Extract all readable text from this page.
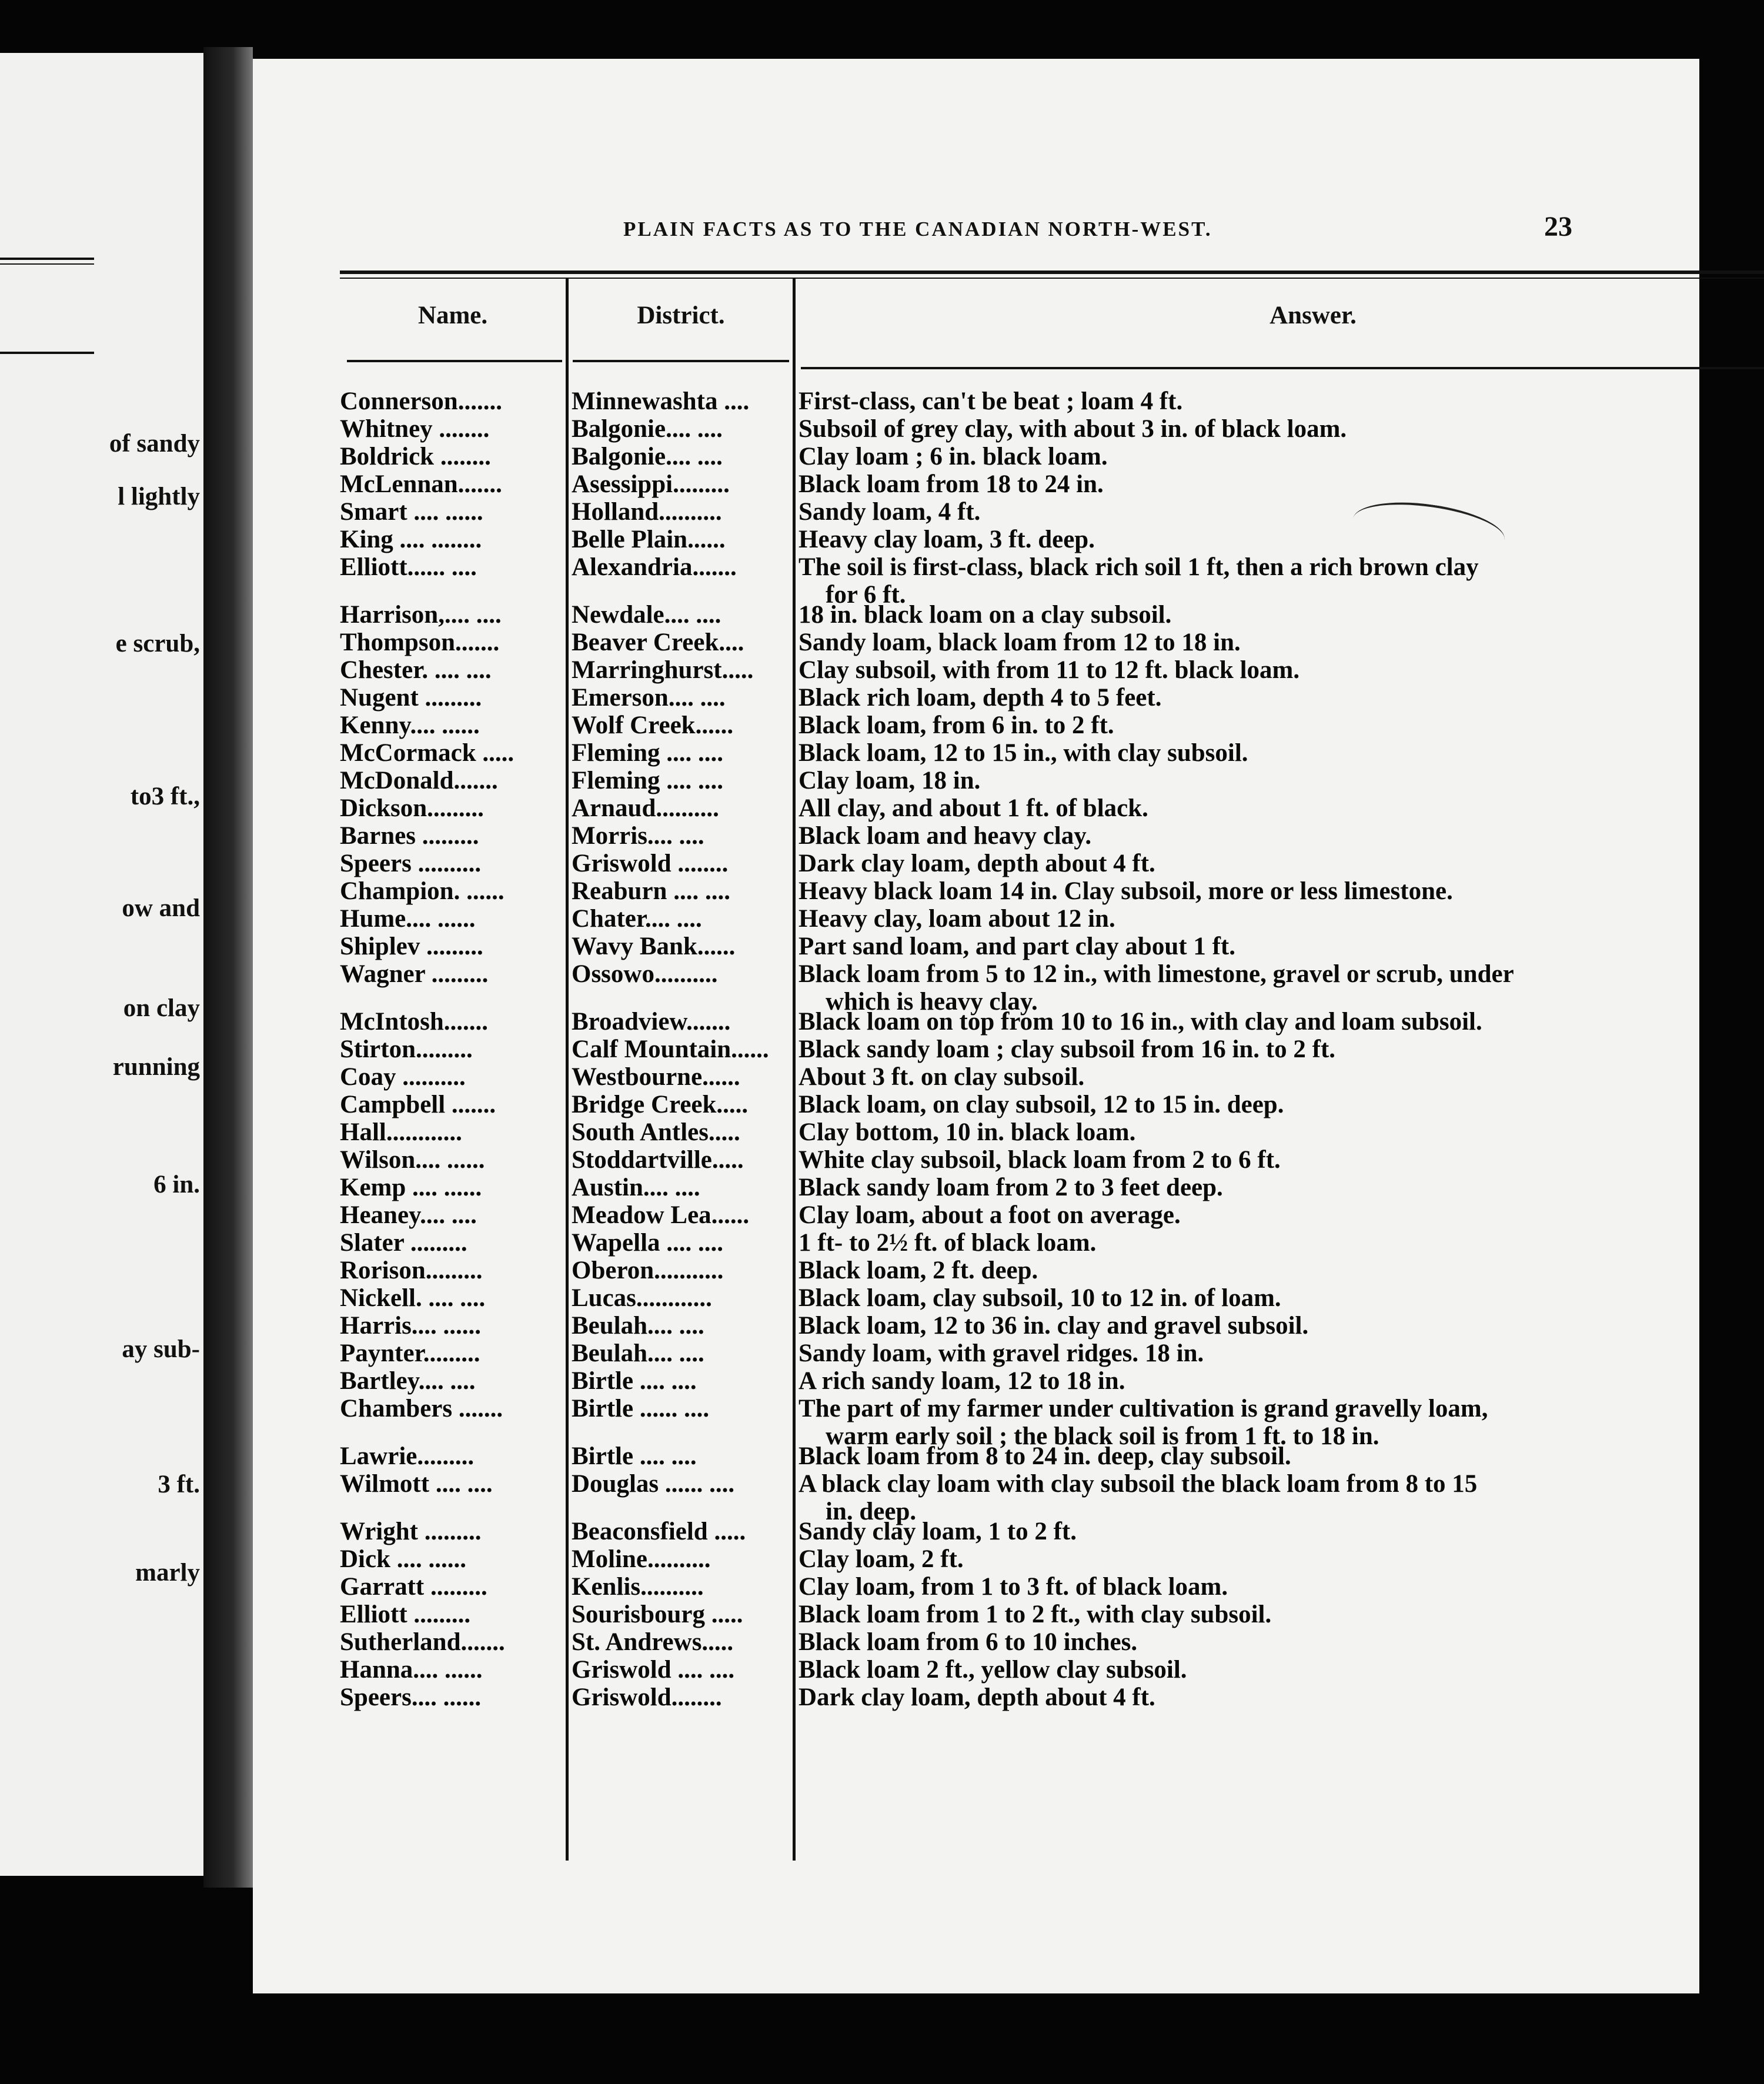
of sandy
l lightly
e scrub,
to3 ft.,
ow and
on clay
running
6 in.
ay sub-
3 ft.
marly
PLAIN FACTS AS TO THE CANADIAN NORTH-WEST.	23
Name.	District.	Answer.
Connerson.......	Minnewashta ....	First-class, can't be beat ; loam 4 ft.
Whitney ........	Balgonie.... ....	Subsoil of grey clay, with about 3 in. of black loam.
Boldrick ........	Balgonie.... ....	Clay loam ; 6 in. black loam.
McLennan.......	Asessippi.........	Black loam from 18 to 24 in.
Smart .... ......	Holland..........	Sandy loam, 4 ft.
King .... ........	Belle Plain......	Heavy clay loam, 3 ft. deep.
Elliott...... ....	Alexandria.......	The soil is first-class, black rich soil 1 ft, then a rich brown clay
for 6 ft.
Harrison,.... ....	Newdale.... ....	18 in. black loam on a clay subsoil.
Thompson.......	Beaver Creek....	Sandy loam, black loam from 12 to 18 in.
Chester. .... ....	Marringhurst.....	Clay subsoil, with from 11 to 12 ft. black loam.
Nugent .........	Emerson.... ....	Black rich loam, depth 4 to 5 feet.
Kenny.... ......	Wolf Creek......	Black loam, from 6 in. to 2 ft.
McCormack .....	Fleming .... ....	Black loam, 12 to 15 in., with clay subsoil.
McDonald.......	Fleming .... ....	Clay loam, 18 in.
Dickson.........	Arnaud..........	All clay, and about 1 ft. of black.
Barnes .........	Morris.... ....	Black loam and heavy clay.
Speers ..........	Griswold ........	Dark clay loam, depth about 4 ft.
Champion. ......	Reaburn .... ....	Heavy black loam 14 in. Clay subsoil, more or less limestone.
Hume.... ......	Chater.... ....	Heavy clay, loam about 12 in.
Shiplev .........	Wavy Bank......	Part sand loam, and part clay about 1 ft.
Wagner .........	Ossowo..........	Black loam from 5 to 12 in., with limestone, gravel or scrub, under
which is heavy clay.
McIntosh.......	Broadview.......	Black loam on top from 10 to 16 in., with clay and loam subsoil.
Stirton.........	Calf Mountain......	Black sandy loam ; clay subsoil from 16 in. to 2 ft.
Coay ..........	Westbourne......	About 3 ft. on clay subsoil.
Campbell .......	Bridge Creek.....	Black loam, on clay subsoil, 12 to 15 in. deep.
Hall............	South Antles.....	Clay bottom, 10 in. black loam.
Wilson.... ......	Stoddartville.....	White clay subsoil, black loam from 2 to 6 ft.
Kemp .... ......	Austin.... ....	Black sandy loam from 2 to 3 feet deep.
Heaney.... ....	Meadow Lea......	Clay loam, about a foot on average.
Slater .........	Wapella .... ....	1 ft- to 2½ ft. of black loam.
Rorison.........	Oberon...........	Black loam, 2 ft. deep.
Nickell. .... ....	Lucas............	Black loam, clay subsoil, 10 to 12 in. of loam.
Harris.... ......	Beulah.... ....	Black loam, 12 to 36 in. clay and gravel subsoil.
Paynter.........	Beulah.... ....	Sandy loam, with gravel ridges. 18 in.
Bartley.... ....	Birtle .... ....	A rich sandy loam, 12 to 18 in.
Chambers .......	Birtle ...... ....	The part of my farmer under cultivation is grand gravelly loam,
warm early soil ; the black soil is from 1 ft. to 18 in.
Lawrie.........	Birtle .... ....	Black loam from 8 to 24 in. deep, clay subsoil.
Wilmott .... ....	Douglas ...... ....	A black clay loam with clay subsoil the black loam from 8 to 15
in. deep.
Wright .........	Beaconsfield .....	Sandy clay loam, 1 to 2 ft.
Dick .... ......	Moline..........	Clay loam, 2 ft.
Garratt .........	Kenlis..........	Clay loam, from 1 to 3 ft. of black loam.
Elliott .........	Sourisbourg .....	Black loam from 1 to 2 ft., with clay subsoil.
Sutherland.......	St. Andrews.....	Black loam from 6 to 10 inches.
Hanna.... ......	Griswold .... ....	Black loam 2 ft., yellow clay subsoil.
Speers.... ......	Griswold........	Dark clay loam, depth about 4 ft.
